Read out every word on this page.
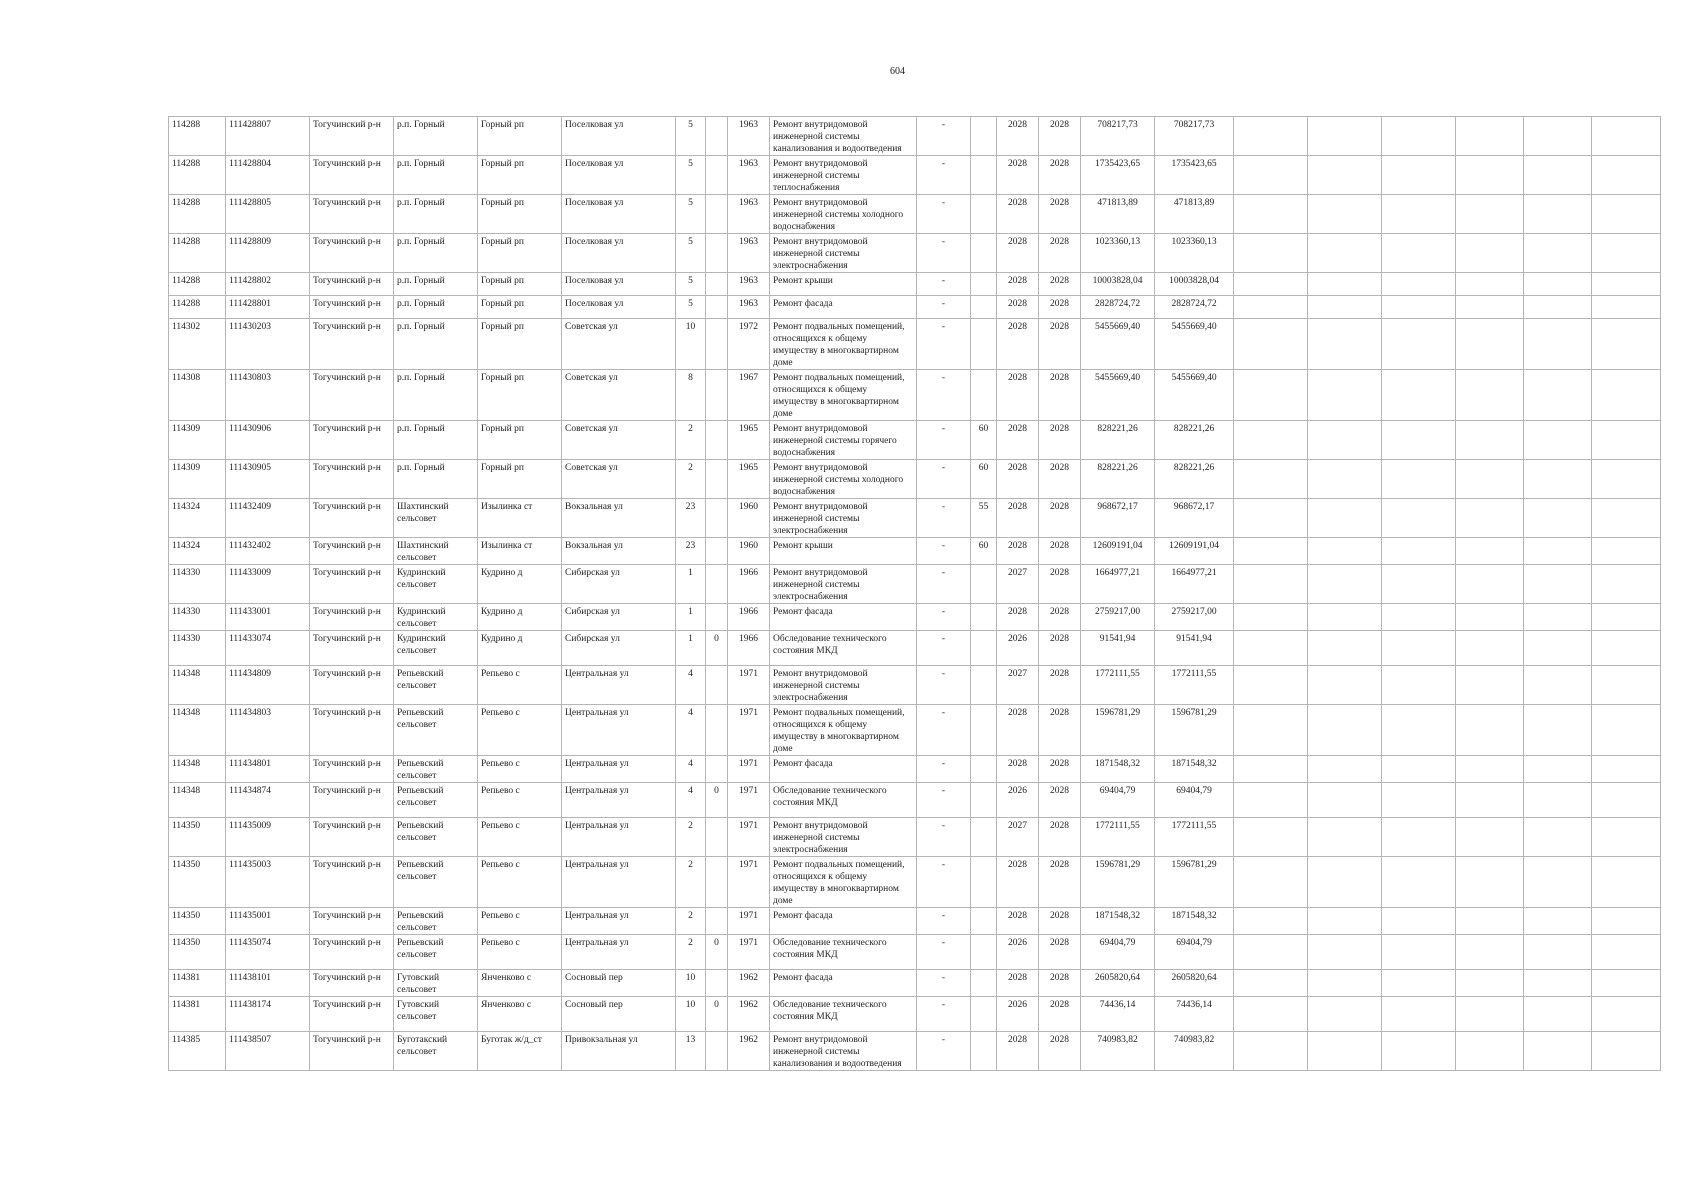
604
114288	111428807	Тогучинский р-н	р.п. Горный	Горный рп	Поселковая ул	5		1963	Ремонт внутридомовой инженерной системы канализования и водоотведения	-		2028	2028	708217,73	708217,73						
114288	111428804	Тогучинский р-н	р.п. Горный	Горный рп	Поселковая ул	5		1963	Ремонт внутридомовой инженерной системы теплоснабжения	-		2028	2028	1735423,65	1735423,65						
114288	111428805	Тогучинский р-н	р.п. Горный	Горный рп	Поселковая ул	5		1963	Ремонт внутридомовой инженерной системы холодного водоснабжения	-		2028	2028	471813,89	471813,89						
114288	111428809	Тогучинский р-н	р.п. Горный	Горный рп	Поселковая ул	5		1963	Ремонт внутридомовой инженерной системы электроснабжения	-		2028	2028	1023360,13	1023360,13						
114288	111428802	Тогучинский р-н	р.п. Горный	Горный рп	Поселковая ул	5		1963	Ремонт крыши	-		2028	2028	10003828,04	10003828,04						
114288	111428801	Тогучинский р-н	р.п. Горный	Горный рп	Поселковая ул	5		1963	Ремонт фасада	-		2028	2028	2828724,72	2828724,72						
114302	111430203	Тогучинский р-н	р.п. Горный	Горный рп	Советская ул	10		1972	Ремонт подвальных помещений, относящихся к общему имуществу в многоквартирном доме	-		2028	2028	5455669,40	5455669,40						
114308	111430803	Тогучинский р-н	р.п. Горный	Горный рп	Советская ул	8		1967	Ремонт подвальных помещений, относящихся к общему имуществу в многоквартирном доме	-		2028	2028	5455669,40	5455669,40						
114309	111430906	Тогучинский р-н	р.п. Горный	Горный рп	Советская ул	2		1965	Ремонт внутридомовой инженерной системы горячего водоснабжения	-	60	2028	2028	828221,26	828221,26						
114309	111430905	Тогучинский р-н	р.п. Горный	Горный рп	Советская ул	2		1965	Ремонт внутридомовой инженерной системы холодного водоснабжения	-	60	2028	2028	828221,26	828221,26						
114324	111432409	Тогучинский р-н	Шахтинский сельсовет	Изылинка ст	Вокзальная ул	23		1960	Ремонт внутридомовой инженерной системы электроснабжения	-	55	2028	2028	968672,17	968672,17						
114324	111432402	Тогучинский р-н	Шахтинский сельсовет	Изылинка ст	Вокзальная ул	23		1960	Ремонт крыши	-	60	2028	2028	12609191,04	12609191,04						
114330	111433009	Тогучинский р-н	Кудринский сельсовет	Кудрино д	Сибирская ул	1		1966	Ремонт внутридомовой инженерной системы электроснабжения	-		2027	2028	1664977,21	1664977,21						
114330	111433001	Тогучинский р-н	Кудринский сельсовет	Кудрино д	Сибирская ул	1		1966	Ремонт фасада	-		2028	2028	2759217,00	2759217,00						
114330	111433074	Тогучинский р-н	Кудринский сельсовет	Кудрино д	Сибирская ул	1	0	1966	Обследование технического состояния МКД	-		2026	2028	91541,94	91541,94						
114348	111434809	Тогучинский р-н	Репьевский сельсовет	Репьево с	Центральная ул	4		1971	Ремонт внутридомовой инженерной системы электроснабжения	-		2027	2028	1772111,55	1772111,55						
114348	111434803	Тогучинский р-н	Репьевский сельсовет	Репьево с	Центральная ул	4		1971	Ремонт подвальных помещений, относящихся к общему имуществу в многоквартирном доме	-		2028	2028	1596781,29	1596781,29						
114348	111434801	Тогучинский р-н	Репьевский сельсовет	Репьево с	Центральная ул	4		1971	Ремонт фасада	-		2028	2028	1871548,32	1871548,32						
114348	111434874	Тогучинский р-н	Репьевский сельсовет	Репьево с	Центральная ул	4	0	1971	Обследование технического состояния МКД	-		2026	2028	69404,79	69404,79						
114350	111435009	Тогучинский р-н	Репьевский сельсовет	Репьево с	Центральная ул	2		1971	Ремонт внутридомовой инженерной системы электроснабжения	-		2027	2028	1772111,55	1772111,55						
114350	111435003	Тогучинский р-н	Репьевский сельсовет	Репьево с	Центральная ул	2		1971	Ремонт подвальных помещений, относящихся к общему имуществу в многоквартирном доме	-		2028	2028	1596781,29	1596781,29						
114350	111435001	Тогучинский р-н	Репьевский сельсовет	Репьево с	Центральная ул	2		1971	Ремонт фасада	-		2028	2028	1871548,32	1871548,32						
114350	111435074	Тогучинский р-н	Репьевский сельсовет	Репьево с	Центральная ул	2	0	1971	Обследование технического состояния МКД	-		2026	2028	69404,79	69404,79						
114381	111438101	Тогучинский р-н	Гутовский сельсовет	Янченково с	Сосновый пер	10		1962	Ремонт фасада	-		2028	2028	2605820,64	2605820,64						
114381	111438174	Тогучинский р-н	Гутовский сельсовет	Янченково с	Сосновый пер	10	0	1962	Обследование технического состояния МКД	-		2026	2028	74436,14	74436,14						
114385	111438507	Тогучинский р-н	Буготакский сельсовет	Буготак ж/д_ст	Привокзальная ул	13		1962	Ремонт внутридомовой инженерной системы канализования и водоотведения	-		2028	2028	740983,82	740983,82						
